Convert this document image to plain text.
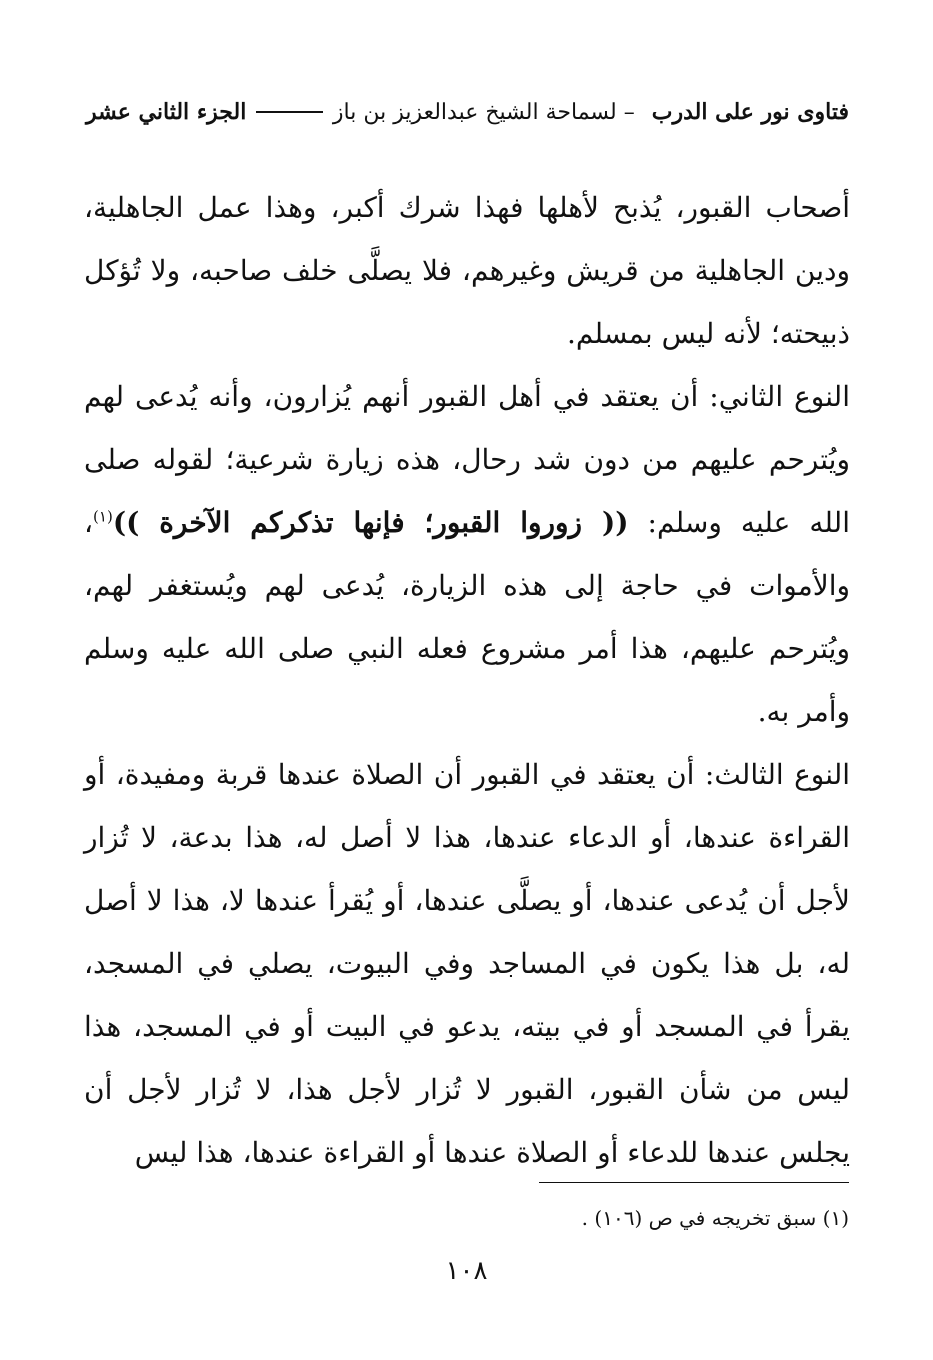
فتاوى نور على الدرب – لسماحة الشيخ عبدالعزيز بن باز
الجزء الثاني عشر

أصحاب القبور، يُذبح لأهلها فهذا شرك أكبر، وهذا عمل الجاهلية، ودين الجاهلية من قريش وغيرهم، فلا يصلَّى خلف صاحبه، ولا تُؤكل ذبيحته؛ لأنه ليس بمسلم.

النوع الثاني: أن يعتقد في أهل القبور أنهم يُزارون، وأنه يُدعى لهم ويُترحم عليهم من دون شد رحال، هذه زيارة شرعية؛ لقوله صلى الله عليه وسلم: (( زوروا القبور؛ فإنها تذكركم الآخرة ))$^{(١)}$، والأموات في حاجة إلى هذه الزيارة، يُدعى لهم ويُستغفر لهم، ويُترحم عليهم، هذا أمر مشروع فعله النبي صلى الله عليه وسلم وأمر به.

النوع الثالث: أن يعتقد في القبور أن الصلاة عندها قربة ومفيدة، أو القراءة عندها، أو الدعاء عندها، هذا لا أصل له، هذا بدعة، لا تُزار لأجل أن يُدعى عندها، أو يصلَّى عندها، أو يُقرأ عندها لا، هذا لا أصل له، بل هذا يكون في المساجد وفي البيوت، يصلي في المسجد، يقرأ في المسجد أو في بيته، يدعو في البيت أو في المسجد، هذا ليس من شأن القبور، القبور لا تُزار لأجل هذا، لا تُزار لأجل أن يجلس عندها للدعاء أو الصلاة عندها أو القراءة عندها، هذا ليس

(١) سبق تخريجه في ص (١٠٦) .
١٠٨
